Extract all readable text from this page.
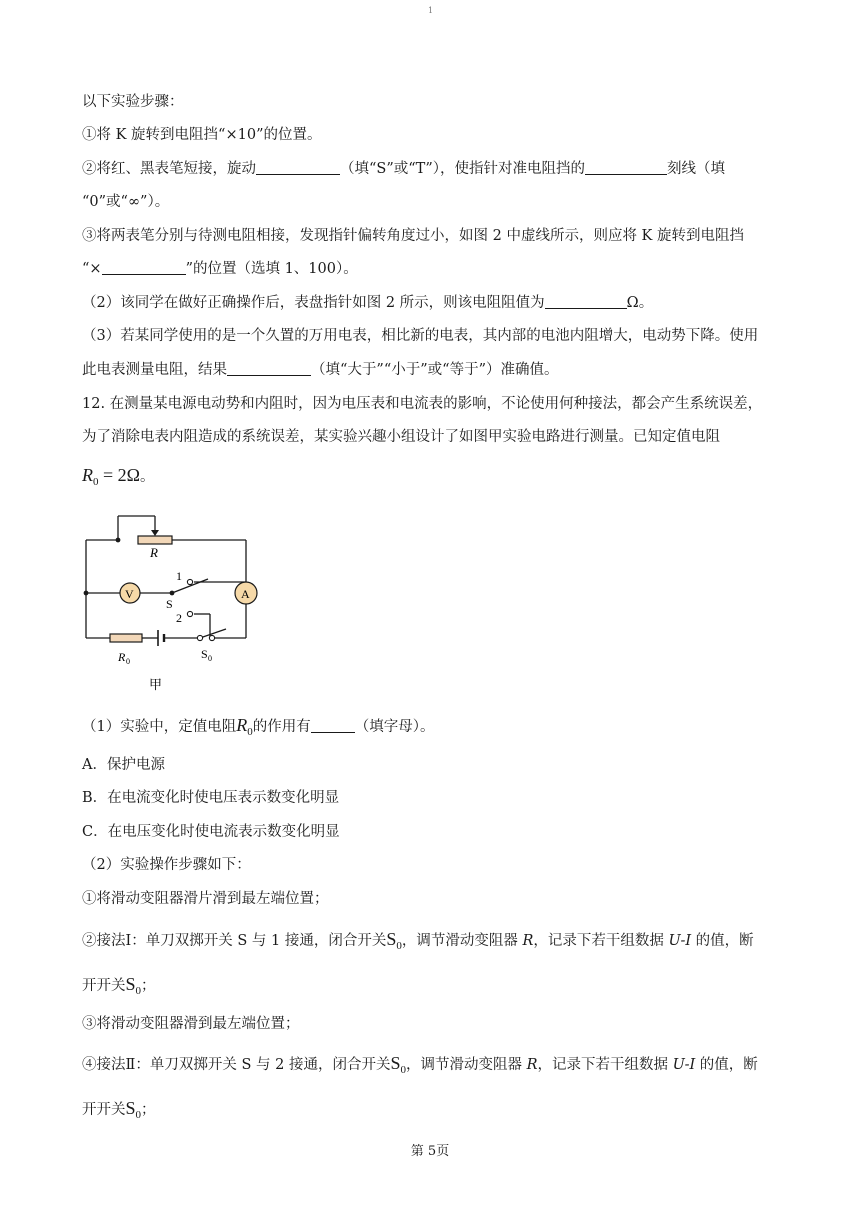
1
以下实验步骤：
①将 K 旋转到电阻挡“×10”的位置。
②将红、黑表笔短接，旋动	（填“S”或“T”），使指针对准电阻挡的	刻线（填
“0”或“∞”）。
③将两表笔分别与待测电阻相接，发现指针偏转角度过小，如图 2 中虚线所示，则应将 K 旋转到电阻挡
“×	”的位置（选填 1、100）。
（2）该同学在做好正确操作后，表盘指针如图 2 所示，则该电阻阻值为	Ω。
（3）若某同学使用的是一个久置的万用电表，相比新的电表，其内部的电池内阻增大，电动势下降。使用
此电表测量电阻，结果	（填“大于”“小于”或“等于”）准确值。
12. 在测量某电源电动势和内阻时，因为电压表和电流表的影响，不论使用何种接法，都会产生系统误差，
为了消除电表内阻造成的系统误差，某实验兴趣小组设计了如图甲实验电路进行测量。已知定值电阻
$R_0 = 2\Omega$。
R
1
S
2
V	A
R 0
S 0
甲
（1）实验中，定值电阻$R_0$的作用有	（填字母）。
A．保护电源
B．在电流变化时使电压表示数变化明显
C．在电压变化时使电流表示数变化明显
（2）实验操作步骤如下：
①将滑动变阻器滑片滑到最左端位置；
②接法Ⅰ：单刀双掷开关 S 与 1 接通，闭合开关$S_0$，调节滑动变阻器 R，记录下若干组数据 U-I 的值，断
开开关$S_0$；
③将滑动变阻器滑到最左端位置；
④接法Ⅱ：单刀双掷开关 S 与 2 接通，闭合开关$S_0$，调节滑动变阻器 R，记录下若干组数据 U-I 的值，断
开开关$S_0$；
第 5页
